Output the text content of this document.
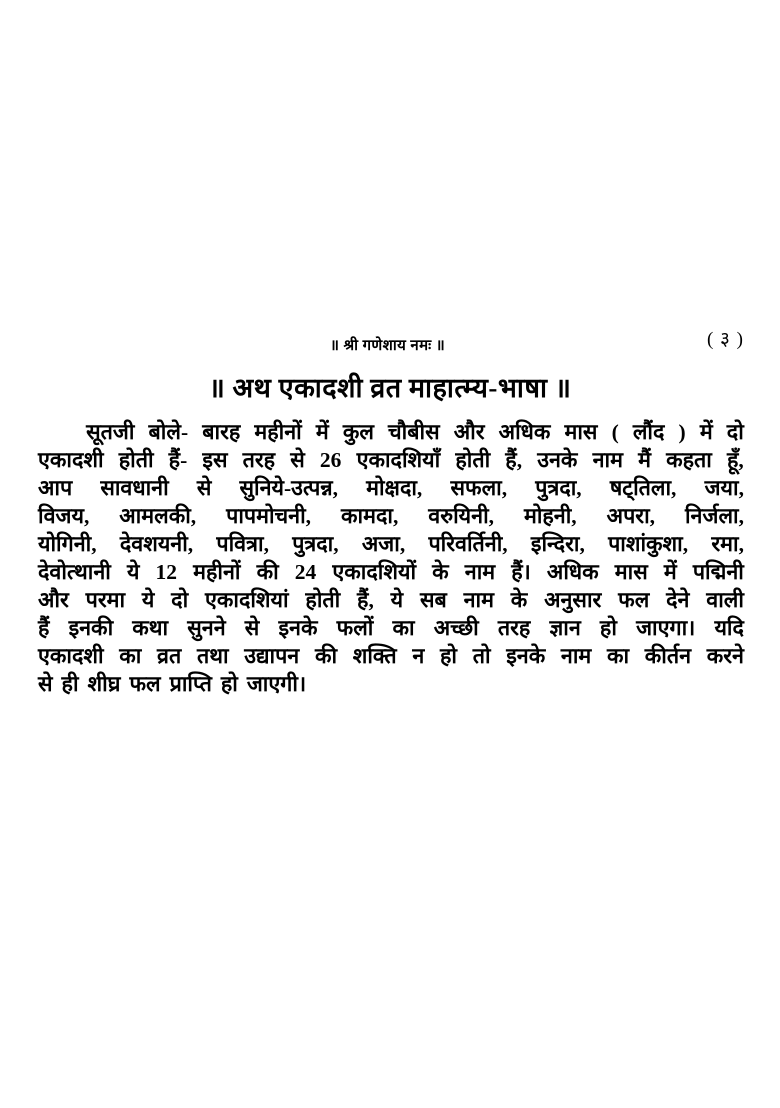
॥ श्री गणेशाय नमः ॥	( ३ )
॥ अथ एकादशी व्रत माहात्म्य-भाषा ॥
सूतजी बोले- बारह महीनों में कुल चौबीस और अधिक मास ( लौंद ) में दो
एकादशी होती हैं- इस तरह से 26 एकादशियाँ होती हैं, उनके नाम मैं कहता हूँ,
आप सावधानी से सुनिये-उत्पन्न, मोक्षदा, सफला, पुत्रदा, षट्तिला, जया,
विजय, आमलकी, पापमोचनी, कामदा, वरुयिनी, मोहनी, अपरा, निर्जला,
योगिनी, देवशयनी, पवित्रा, पुत्रदा, अजा, परिवर्तिनी, इन्दिरा, पाशांकुशा, रमा,
देवोत्थानी ये 12 महीनों की 24 एकादशियों के नाम हैं। अधिक मास में पद्मिनी
और परमा ये दो एकादशियां होती हैं, ये सब नाम के अनुसार फल देने वाली
हैं इनकी कथा सुनने से इनके फलों का अच्छी तरह ज्ञान हो जाएगा। यदि
एकादशी का व्रत तथा उद्यापन की शक्ति न हो तो इनके नाम का कीर्तन करने
से ही शीघ्र फल प्राप्ति हो जाएगी।
